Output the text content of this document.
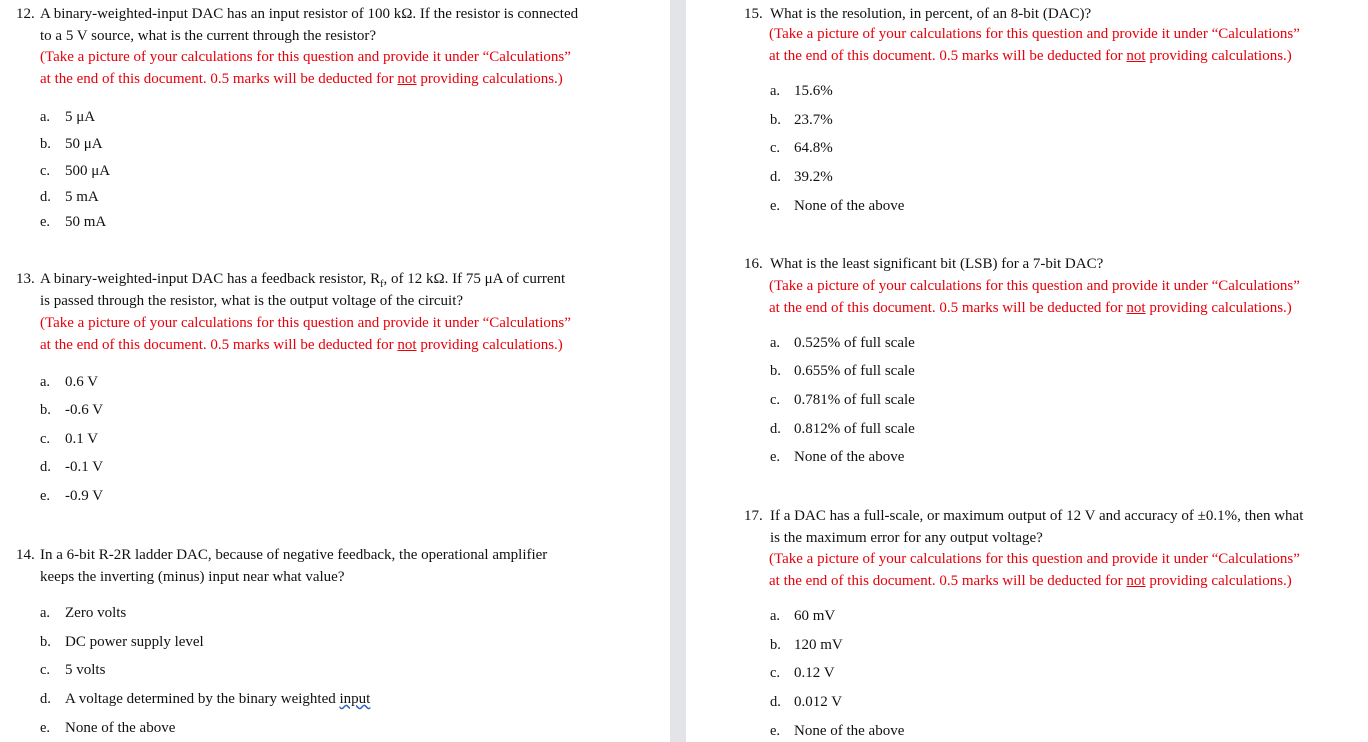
12. A binary-weighted-input DAC has an input resistor of 100 kΩ. If the resistor is connected
to a 5 V source, what is the current through the resistor?
(Take a picture of your calculations for this question and provide it under “Calculations”
at the end of this document. 0.5 marks will be deducted for not providing calculations.)
a. 5 μA
b. 50 μA
c. 500 μA
d. 5 mA
e. 50 mA
13. A binary-weighted-input DAC has a feedback resistor, $R_f$, of 12 kΩ. If 75 μA of current
is passed through the resistor, what is the output voltage of the circuit?
(Take a picture of your calculations for this question and provide it under “Calculations”
at the end of this document. 0.5 marks will be deducted for not providing calculations.)
a. 0.6 V
b. -0.6 V
c. 0.1 V
d. -0.1 V
e. -0.9 V
14. In a 6-bit R-2R ladder DAC, because of negative feedback, the operational amplifier
keeps the inverting (minus) input near what value?
a. Zero volts
b. DC power supply level
c. 5 volts
d. A voltage determined by the binary weighted input
e. None of the above
15. What is the resolution, in percent, of an 8-bit (DAC)?
(Take a picture of your calculations for this question and provide it under “Calculations”
at the end of this document. 0.5 marks will be deducted for not providing calculations.)
a. 15.6%
b. 23.7%
c. 64.8%
d. 39.2%
e. None of the above
16. What is the least significant bit (LSB) for a 7-bit DAC?
(Take a picture of your calculations for this question and provide it under “Calculations”
at the end of this document. 0.5 marks will be deducted for not providing calculations.)
a. 0.525% of full scale
b. 0.655% of full scale
c. 0.781% of full scale
d. 0.812% of full scale
e. None of the above
17. If a DAC has a full-scale, or maximum output of 12 V and accuracy of ±0.1%, then what
is the maximum error for any output voltage?
(Take a picture of your calculations for this question and provide it under “Calculations”
at the end of this document. 0.5 marks will be deducted for not providing calculations.)
a. 60 mV
b. 120 mV
c. 0.12 V
d. 0.012 V
e. None of the above
